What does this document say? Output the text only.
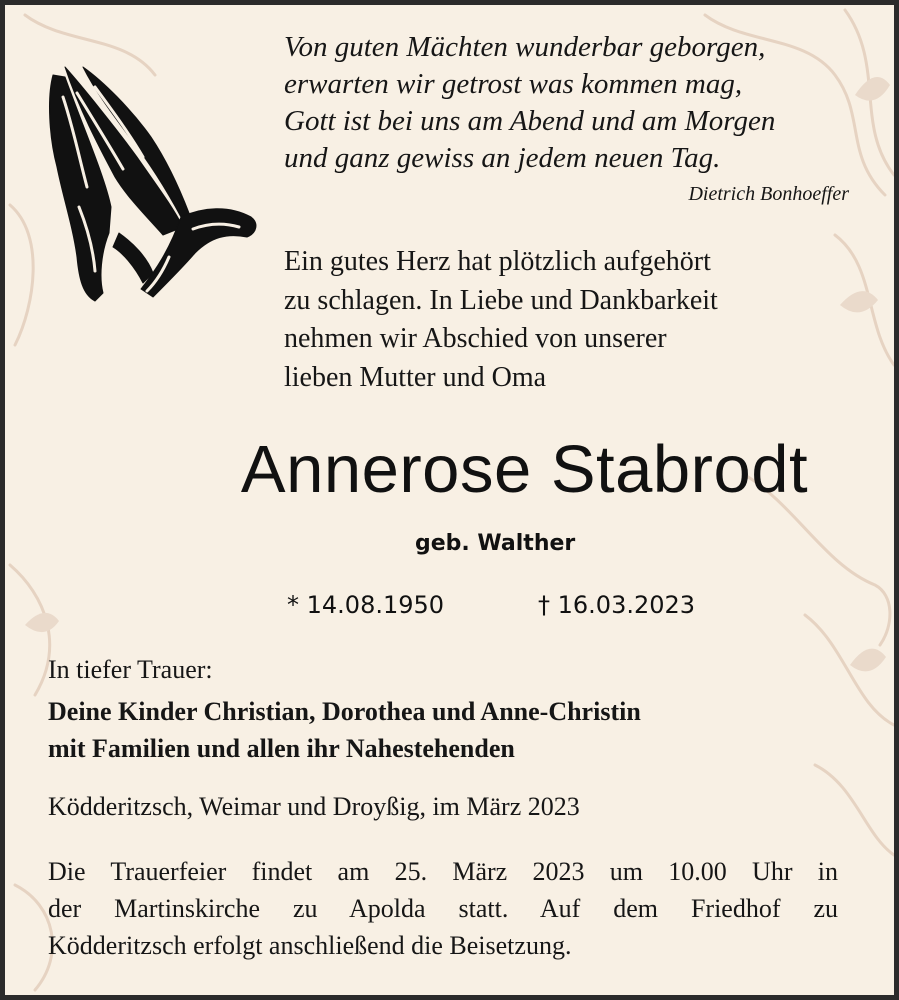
Von guten Mächten wunderbar geborgen,
erwarten wir getrost was kommen mag,
Gott ist bei uns am Abend und am Morgen
und ganz gewiss an jedem neuen Tag.
Dietrich Bonhoeffer
Ein gutes Herz hat plötzlich aufgehört
zu schlagen. In Liebe und Dankbarkeit
nehmen wir Abschied von unserer
lieben Mutter und Oma
Annerose Stabrodt
geb. Walther
* 14.08.1950	† 16.03.2023
In tiefer Trauer:
Deine Kinder Christian, Dorothea und Anne-Christin
mit Familien und allen ihr Nahestehenden
Ködderitzsch, Weimar und Droyßig, im März 2023
Die Trauerfeier findet am 25. März 2023 um 10.00 Uhr in
der Martinskirche zu Apolda statt. Auf dem Friedhof zu
Ködderitzsch erfolgt anschließend die Beisetzung.
